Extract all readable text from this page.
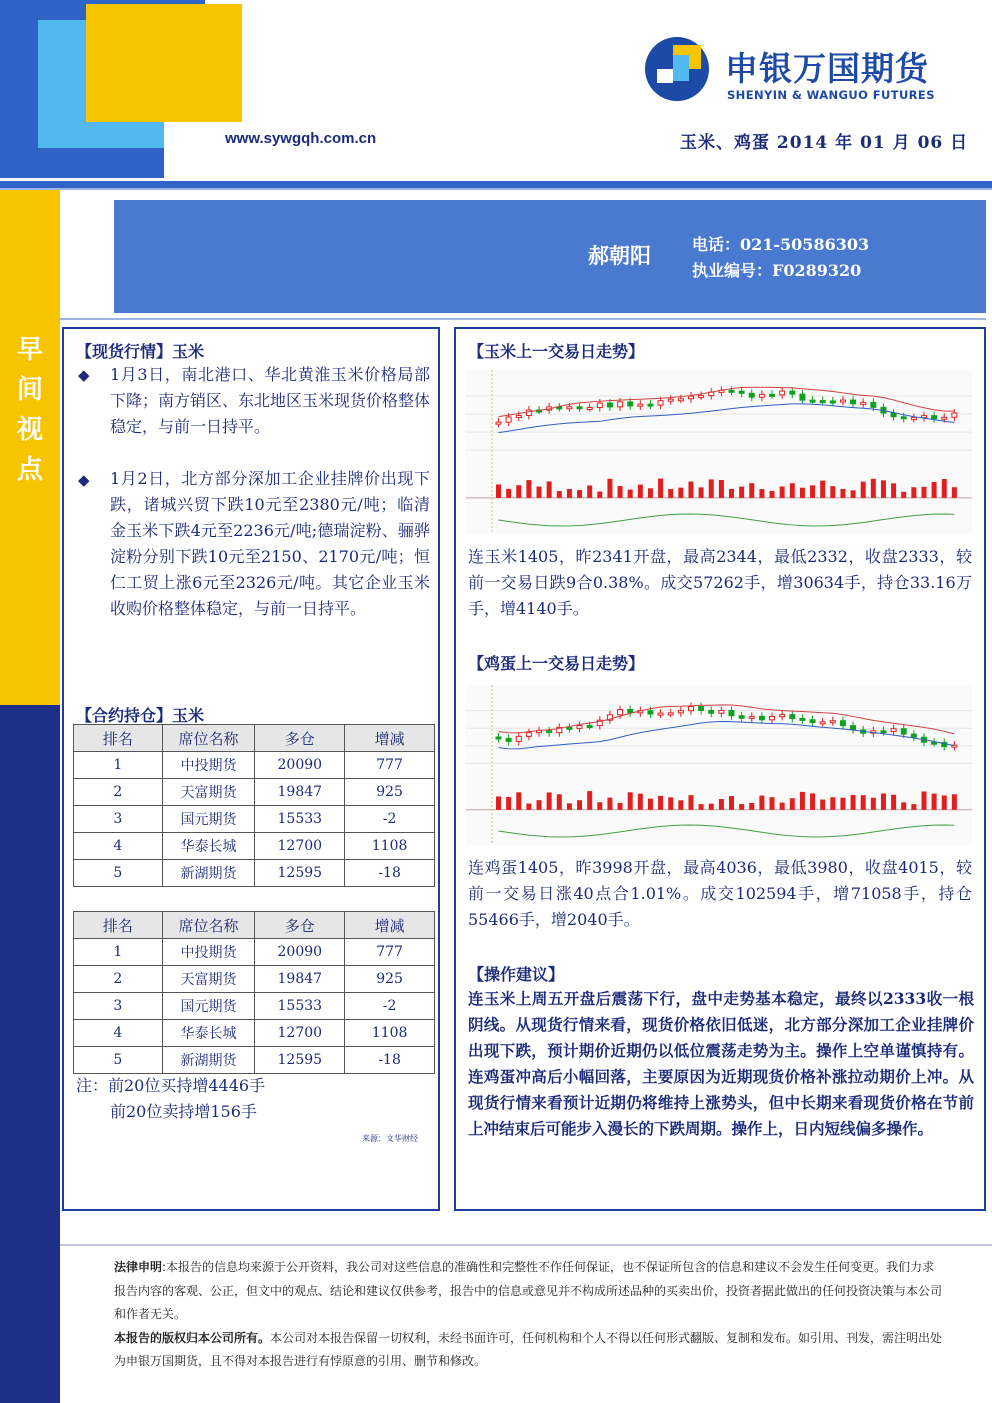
申银万国期货
SHENYIN & WANGUO FUTURES
www.sywgqh.com.cn	玉米、鸡蛋 2014 年 01 月 06 日
早
间
视
点
郝朝阳	电话：021-50586303
执业编号：F0289320
【现货行情】玉米
◆ 1月3日，南北港口、华北黄淮玉米价格局部下降；南方销区、东北地区玉米现货价格整体稳定，与前一日持平。
◆ 1月2日，北方部分深加工企业挂牌价出现下跌，诸城兴贸下跌10元至2380元/吨；临清金玉米下跌4元至2236元/吨;德瑞淀粉、骊骅淀粉分别下跌10元至2150、2170元/吨；恒仁工贸上涨6元至2326元/吨。其它企业玉米收购价格整体稳定，与前一日持平。
【合约持仓】玉米
排名	席位名称	多仓	增减
1	中投期货	20090	777
2	天富期货	19847	925
3	国元期货	15533	-2
4	华泰长城	12700	1108
5	新湖期货	12595	-18
排名	席位名称	多仓	增减
1	中投期货	20090	777
2	天富期货	19847	925
3	国元期货	15533	-2
4	华泰长城	12700	1108
5	新湖期货	12595	-18
注：前20位买持增4446手
前20位卖持增156手
来源：文华财经
【玉米上一交易日走势】
连玉米1405，昨2341开盘，最高2344，最低2332，收盘2333，较前一交易日跌9合0.38%。成交57262手，增30634手，持仓33.16万手，增4140手。
【鸡蛋上一交易日走势】
连鸡蛋1405，昨3998开盘，最高4036，最低3980，收盘4015，较前一交易日涨40点合1.01%。成交102594手，增71058手，持仓55466手，增2040手。
【操作建议】
连玉米上周五开盘后震荡下行，盘中走势基本稳定，最终以2333收一根阴线。从现货行情来看，现货价格依旧低迷，北方部分深加工企业挂牌价出现下跌，预计期价近期仍以低位震荡走势为主。操作上空单谨慎持有。连鸡蛋冲高后小幅回落，主要原因为近期现货价格补涨拉动期价上冲。从现货行情来看预计近期仍将维持上涨势头，但中长期来看现货价格在节前上冲结束后可能步入漫长的下跌周期。操作上，日内短线偏多操作。
法律申明:本报告的信息均来源于公开资料，我公司对这些信息的准确性和完整性不作任何保证，也不保证所包含的信息和建议不会发生任何变更。我们力求报告内容的客观、公正，但文中的观点、结论和建议仅供参考，报告中的信息或意见并不构成所述品种的买卖出价，投资者据此做出的任何投资决策与本公司和作者无关。
本报告的版权归本公司所有。本公司对本报告保留一切权利，未经书面许可，任何机构和个人不得以任何形式翻版、复制和发布。如引用、刊发，需注明出处为申银万国期货，且不得对本报告进行有悖原意的引用、删节和修改。
